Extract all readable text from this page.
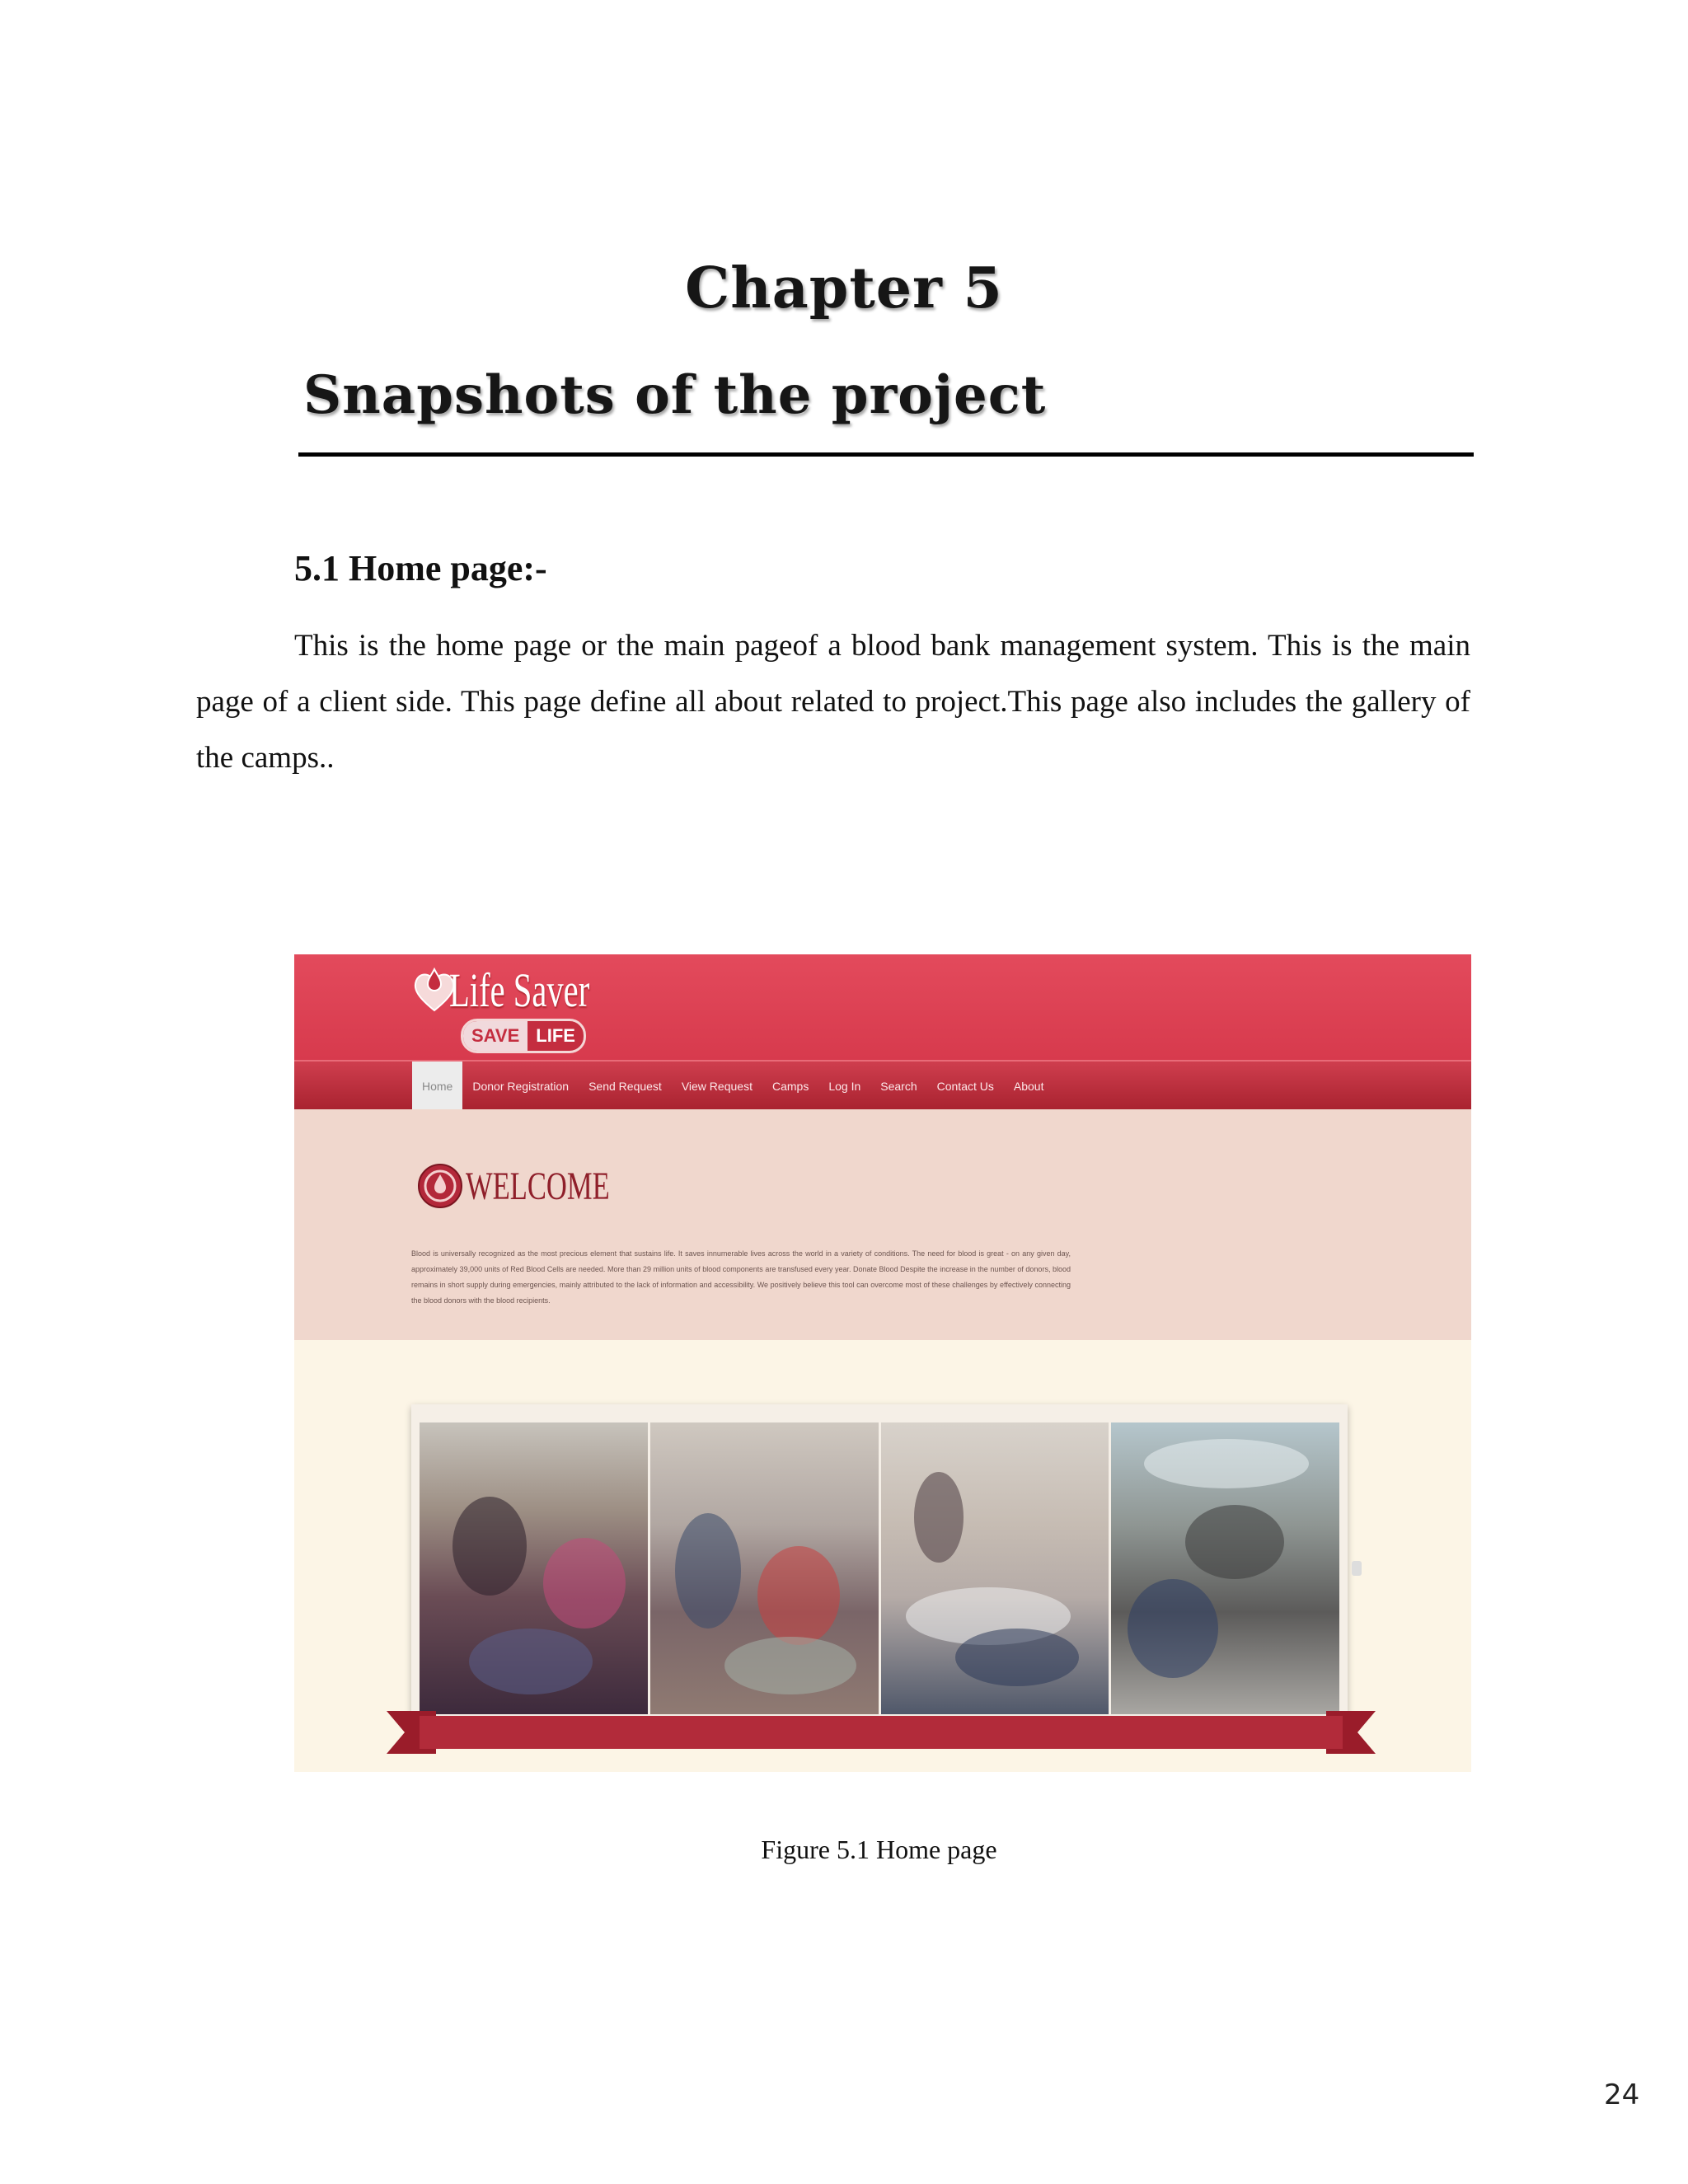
Chapter 5
Snapshots of the project
5.1 Home page:-
This is the home page or the main pageof a blood bank management system. This is the main page of a client side. This page define all about related to project.This page also includes the gallery of the camps..
Life Saver
SAVE LIFE
Home	Donor Registration	Send Request	View Request	Camps	Log In	Search	Contact Us	About
WELCOME
Blood is universally recognized as the most precious element that sustains life. It saves innumerable lives across the world in a variety of conditions. The need for blood is great - on any given day, approximately 39,000 units of Red Blood Cells are needed. More than 29 million units of blood components are transfused every year. Donate Blood Despite the increase in the number of donors, blood remains in short supply during emergencies, mainly attributed to the lack of information and accessibility. We positively believe this tool can overcome most of these challenges by effectively connecting the blood donors with the blood recipients.
Figure 5.1 Home page
24
